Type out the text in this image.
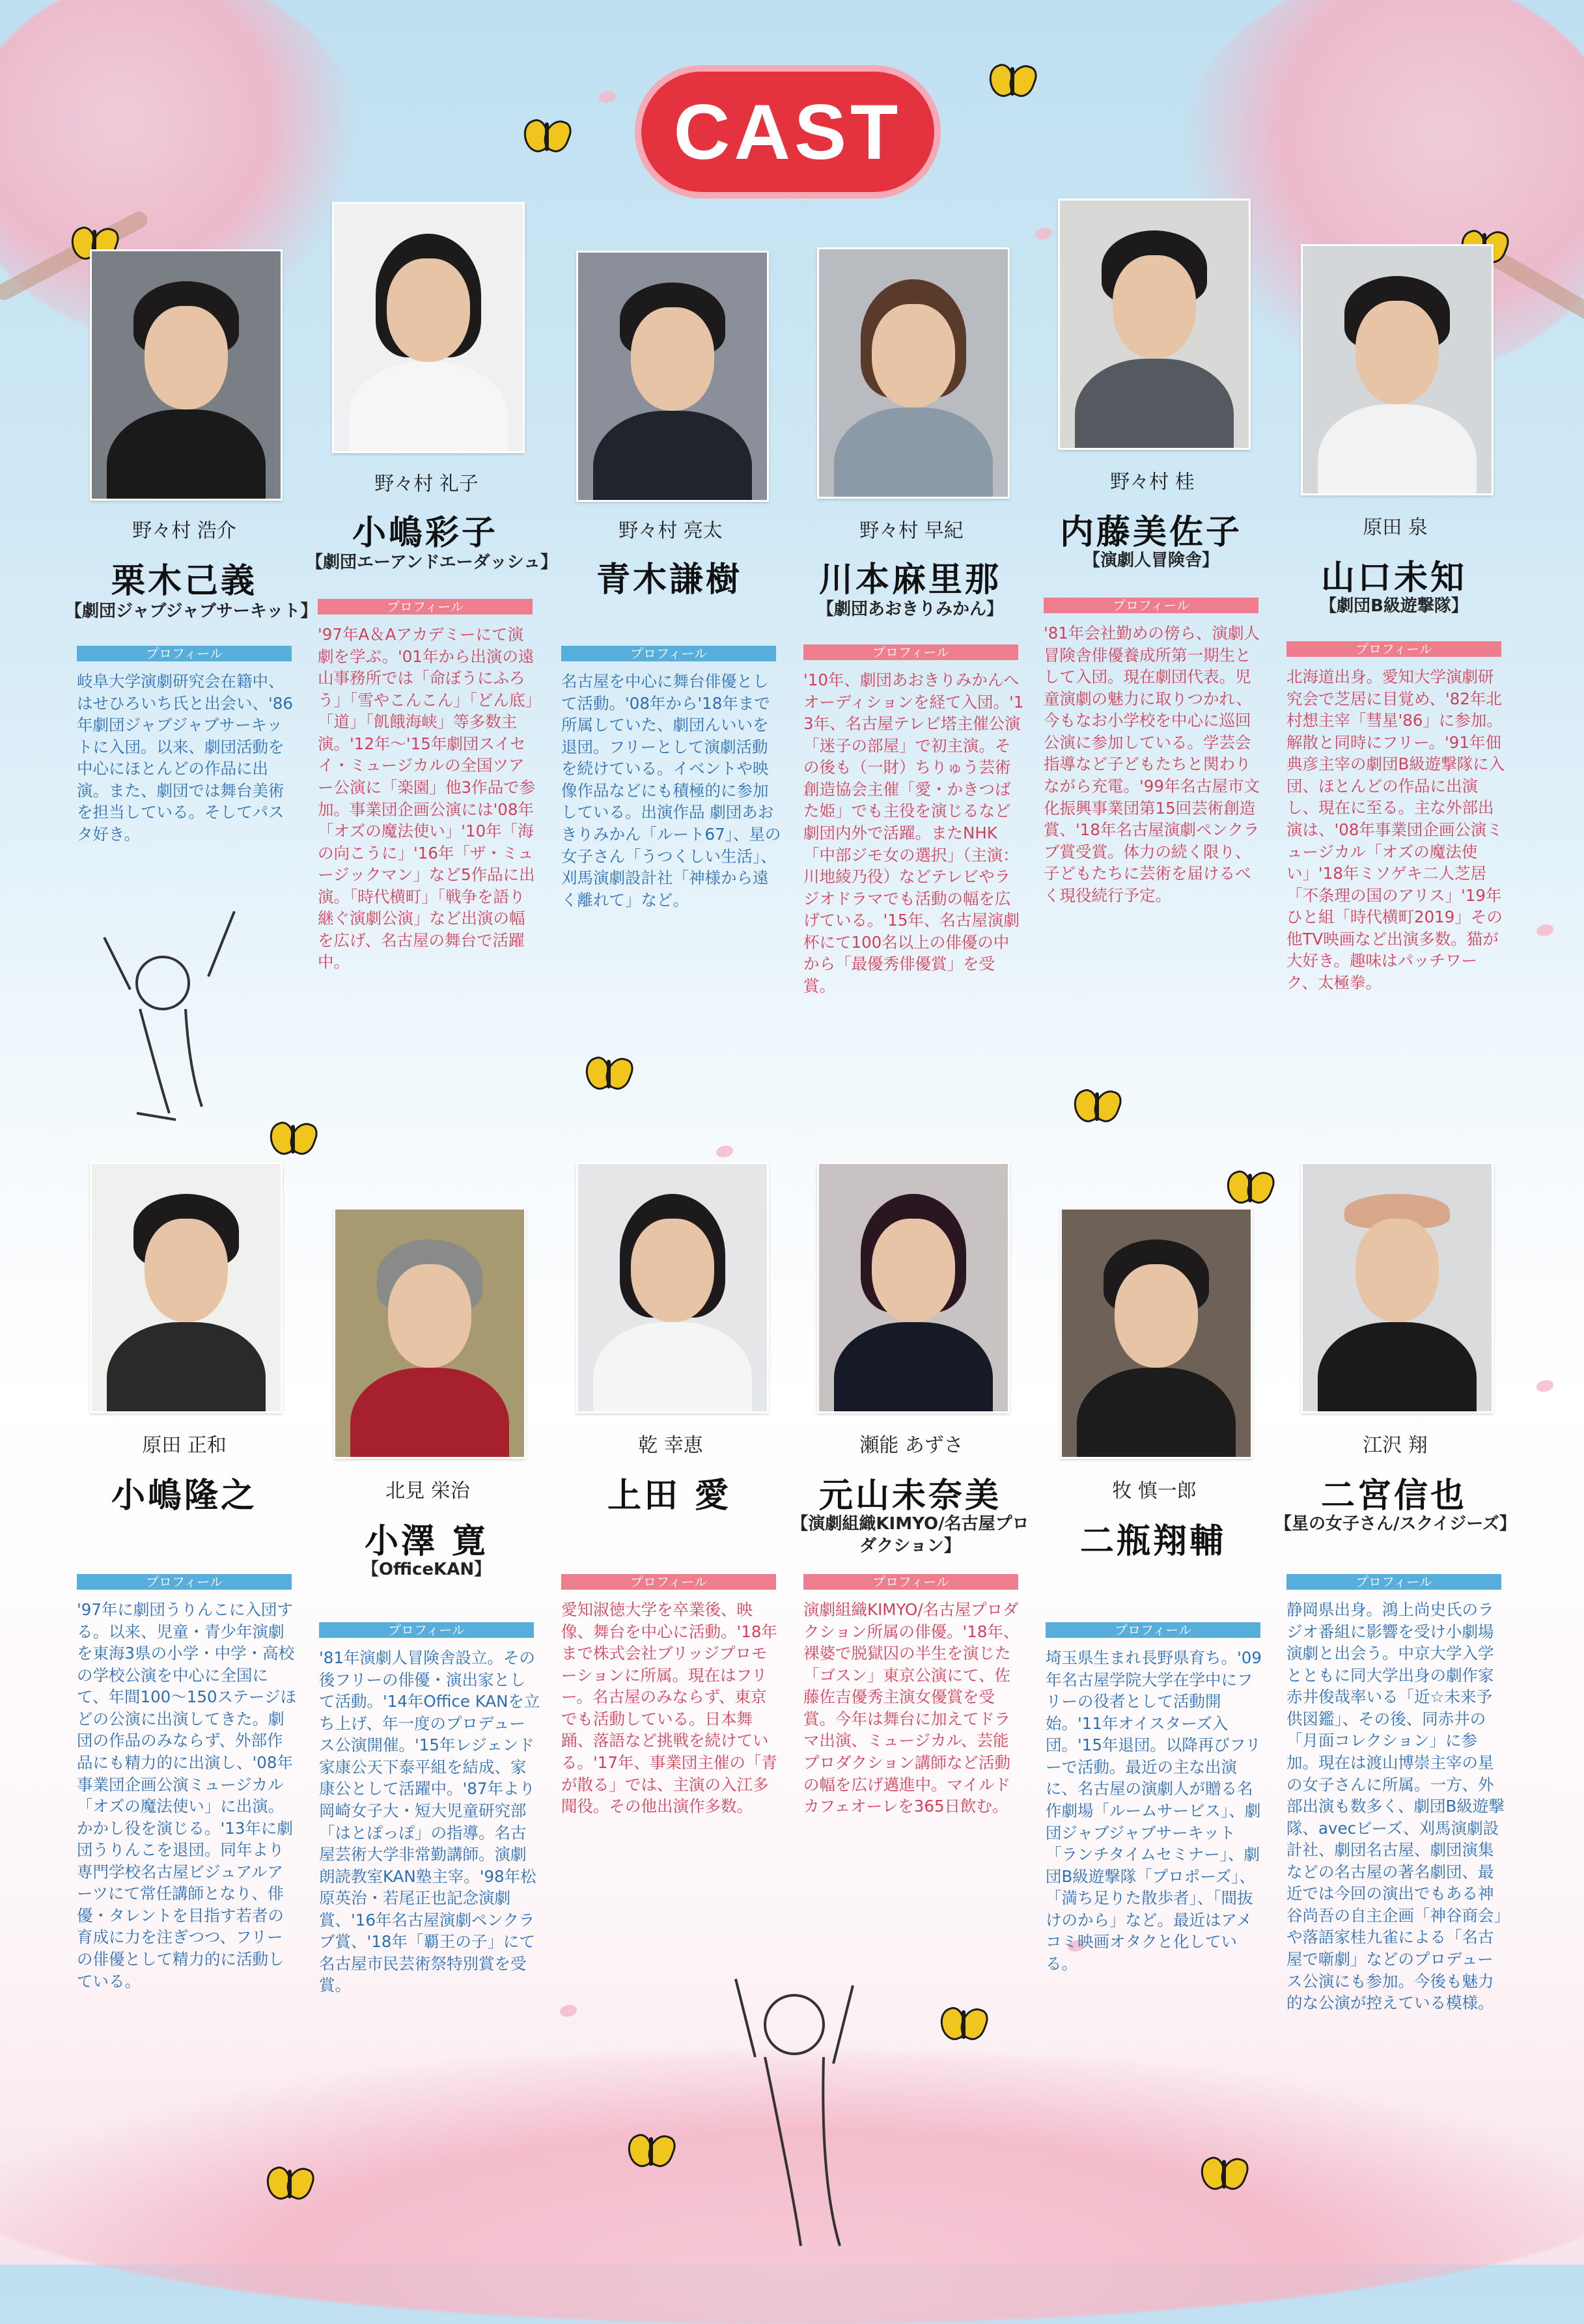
CAST
野々村 浩介
栗木己義
【劇団ジャブジャブサーキット】
プロフィール
岐阜大学演劇研究会在籍中、はせひろいち氏と出会い、'86年劇団ジャブジャブサーキットに入団。以来、劇団活動を中心にほとんどの作品に出演。また、劇団では舞台美術を担当している。そしてパスタ好き。
野々村 礼子
小嶋彩子
【劇団エーアンドエーダッシュ】
プロフィール
'97年A＆Aアカデミーにて演劇を学ぶ。'01年から出演の遠山事務所では「命ぼうにふろう」「雪やこんこん」「どん底」「道」「飢餓海峡」等多数主演。'12年〜'15年劇団スイセイ・ミュージカルの全国ツアー公演に「楽園」他3作品で参加。事業団企画公演には'08年「オズの魔法使い」'10年「海の向こうに」'16年「ザ・ミュージックマン」など5作品に出演。「時代横町」「戦争を語り継ぐ演劇公演」など出演の幅を広げ、名古屋の舞台で活躍中。
野々村 亮太
青木謙樹
プロフィール
名古屋を中心に舞台俳優として活動。'08年から'18年まで所属していた、劇団んいいを退団。フリーとして演劇活動を続けている。イベントや映像作品などにも積極的に参加している。出演作品 劇団あおきりみかん「ルート67」、星の女子さん「うつくしい生活」、刈馬演劇設計社「神様から遠く離れて」など。
野々村 早紀
川本麻里那
【劇団あおきりみかん】
プロフィール
'10年、劇団あおきりみかんへオーディションを経て入団。'13年、名古屋テレビ塔主催公演「迷子の部屋」で初主演。その後も（一財）ちりゅう芸術創造協会主催「愛・かきつばた姫」でも主役を演じるなど劇団内外で活躍。またNHK「中部ジモ女の選択」（主演：川地綾乃役）などテレビやラジオドラマでも活動の幅を広げている。'15年、名古屋演劇杯にて100名以上の俳優の中から「最優秀俳優賞」を受賞。
野々村 桂
内藤美佐子
【演劇人冒険舎】
プロフィール
'81年会社勤めの傍ら、演劇人冒険舎俳優養成所第一期生として入団。現在劇団代表。児童演劇の魅力に取りつかれ、今もなお小学校を中心に巡回公演に参加している。学芸会指導など子どもたちと関わりながら充電。'99年名古屋市文化振興事業団第15回芸術創造賞、'18年名古屋演劇ペンクラブ賞受賞。体力の続く限り、子どもたちに芸術を届けるべく現役続行予定。
原田 泉
山口未知
【劇団B級遊撃隊】
プロフィール
北海道出身。愛知大学演劇研究会で芝居に目覚め、'82年北村想主宰「彗星'86」に参加。解散と同時にフリー。'91年佃典彦主宰の劇団B級遊撃隊に入団、ほとんどの作品に出演し、現在に至る。主な外部出演は、'08年事業団企画公演ミュージカル「オズの魔法使い」'18年ミソゲキ二人芝居「不条理の国のアリス」'19年ひと組「時代横町2019」その他TV映画など出演多数。猫が大好き。趣味はパッチワーク、太極拳。
原田 正和
小嶋隆之
プロフィール
'97年に劇団うりんこに入団する。以来、児童・青少年演劇を東海3県の小学・中学・高校の学校公演を中心に全国にて、年間100〜150ステージほどの公演に出演してきた。劇団の作品のみならず、外部作品にも精力的に出演し、'08年事業団企画公演ミュージカル「オズの魔法使い」に出演。かかし役を演じる。'13年に劇団うりんこを退団。同年より専門学校名古屋ビジュアルアーツにて常任講師となり、俳優・タレントを目指す若者の育成に力を注ぎつつ、フリーの俳優として精力的に活動している。
北見 栄治
小澤 寛
【OfficeKAN】
プロフィール
'81年演劇人冒険舎設立。その後フリーの俳優・演出家として活動。'14年Office KANを立ち上げ、年一度のプロデュース公演開催。'15年レジェンド家康公天下泰平組を結成、家康公として活躍中。'87年より岡崎女子大・短大児童研究部「はとぽっぽ」の指導。名古屋芸術大学非常勤講師。演劇朗読教室KAN塾主宰。'98年松原英治・若尾正也記念演劇賞、'16年名古屋演劇ペンクラブ賞、'18年「覇王の子」にて名古屋市民芸術祭特別賞を受賞。
乾 幸恵
上田 愛
プロフィール
愛知淑徳大学を卒業後、映像、舞台を中心に活動。'18年まで株式会社ブリッジプロモーションに所属。現在はフリー。名古屋のみならず、東京でも活動している。日本舞踊、落語など挑戦を続けている。'17年、事業団主催の「青が散る」では、主演の入江多聞役。その他出演作多数。
瀬能 あずさ
元山未奈美
【演劇組織KIMYO/名古屋プロダクション】
プロフィール
演劇組織KIMYO/名古屋プロダクション所属の俳優。'18年、裸婆で脱獄囚の半生を演じた「ゴスン」東京公演にて、佐藤佐吉優秀主演女優賞を受賞。今年は舞台に加えてドラマ出演、ミュージカル、芸能プロダクション講師など活動の幅を広げ邁進中。マイルドカフェオーレを365日飲む。
牧 慎一郎
二瓶翔輔
プロフィール
埼玉県生まれ長野県育ち。'09年名古屋学院大学在学中にフリーの役者として活動開始。'11年オイスターズ入団。'15年退団。以降再びフリーで活動。最近の主な出演に、名古屋の演劇人が贈る名作劇場「ルームサービス」、劇団ジャブジャブサーキット「ランチタイムセミナー」、劇団B級遊撃隊「プロポーズ」、「満ち足りた散歩者」、「間抜けのから」など。最近はアメコミ映画オタクと化している。
江沢 翔
二宮信也
【星の女子さん/スクイジーズ】
プロフィール
静岡県出身。鴻上尚史氏のラジオ番組に影響を受け小劇場演劇と出会う。中京大学入学とともに同大学出身の劇作家赤井俊哉率いる「近☆未来予供図鑑」、その後、同赤井の「月面コレクション」に参加。現在は渡山博崇主宰の星の女子さんに所属。一方、外部出演も数多く、劇団B級遊撃隊、avecビーズ、刈馬演劇設計社、劇団名古屋、劇団演集などの名古屋の著名劇団、最近では今回の演出でもある神谷尚吾の自主企画「神谷商会」や落語家桂九雀による「名古屋で噺劇」などのプロデュース公演にも参加。今後も魅力的な公演が控えている模様。
